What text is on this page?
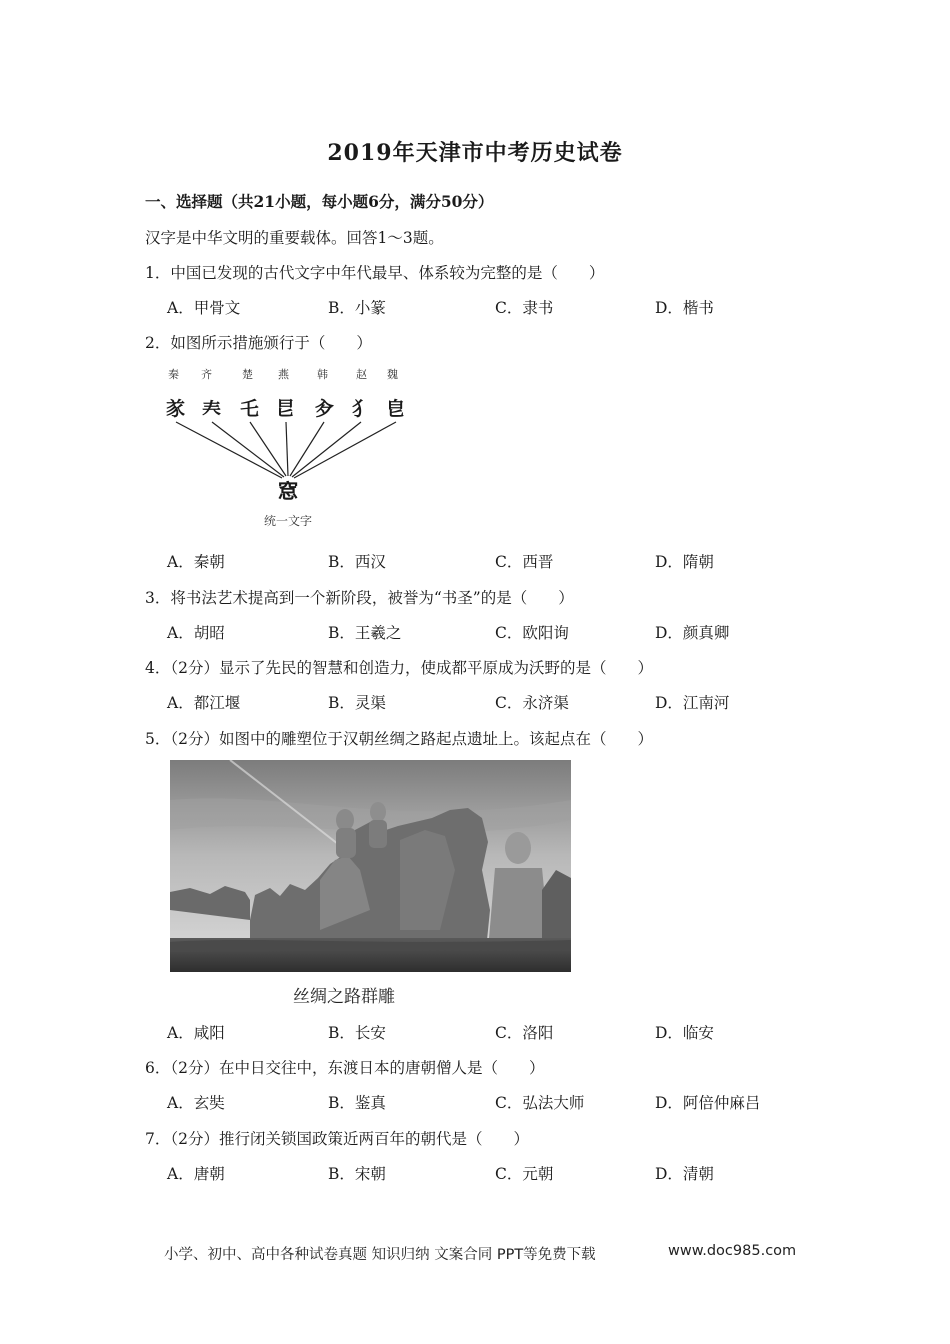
2019年天津市中考历史试卷
一、选择题（共21小题，每小题6分，满分50分）
汉字是中华文明的重要载体。回答1～3题。
1．中国已发现的古代文字中年代最早、体系较为完整的是（　　）
A．甲骨文	B．小篆	C．隶书	D．楷书
2．如图所示措施颁行于（　　）
秦 齐	楚 燕	韩	赵 魏
㒸 𡗗 乇 㫐 㒱 犭 皀
𥦗
统一文字
A．秦朝	B．西汉	C．西晋	D．隋朝
3．将书法艺术提高到一个新阶段，被誉为“书圣”的是（　　）
A．胡昭	B．王羲之	C．欧阳询	D．颜真卿
4．（2分）显示了先民的智慧和创造力，使成都平原成为沃野的是（　　）
A．都江堰	B．灵渠	C．永济渠	D．江南河
5．（2分）如图中的雕塑位于汉朝丝绸之路起点遗址上。该起点在（　　）
丝绸之路群雕
A．咸阳	B．长安	C．洛阳	D．临安
6．（2分）在中日交往中，东渡日本的唐朝僧人是（　　）
A．玄奘	B．鉴真	C．弘法大师	D．阿倍仲麻吕
7．（2分）推行闭关锁国政策近两百年的朝代是（　　）
A．唐朝	B．宋朝	C．元朝	D．清朝
小学、初中、高中各种试卷真题 知识归纳 文案合同 PPT等免费下载	www.doc985.com
